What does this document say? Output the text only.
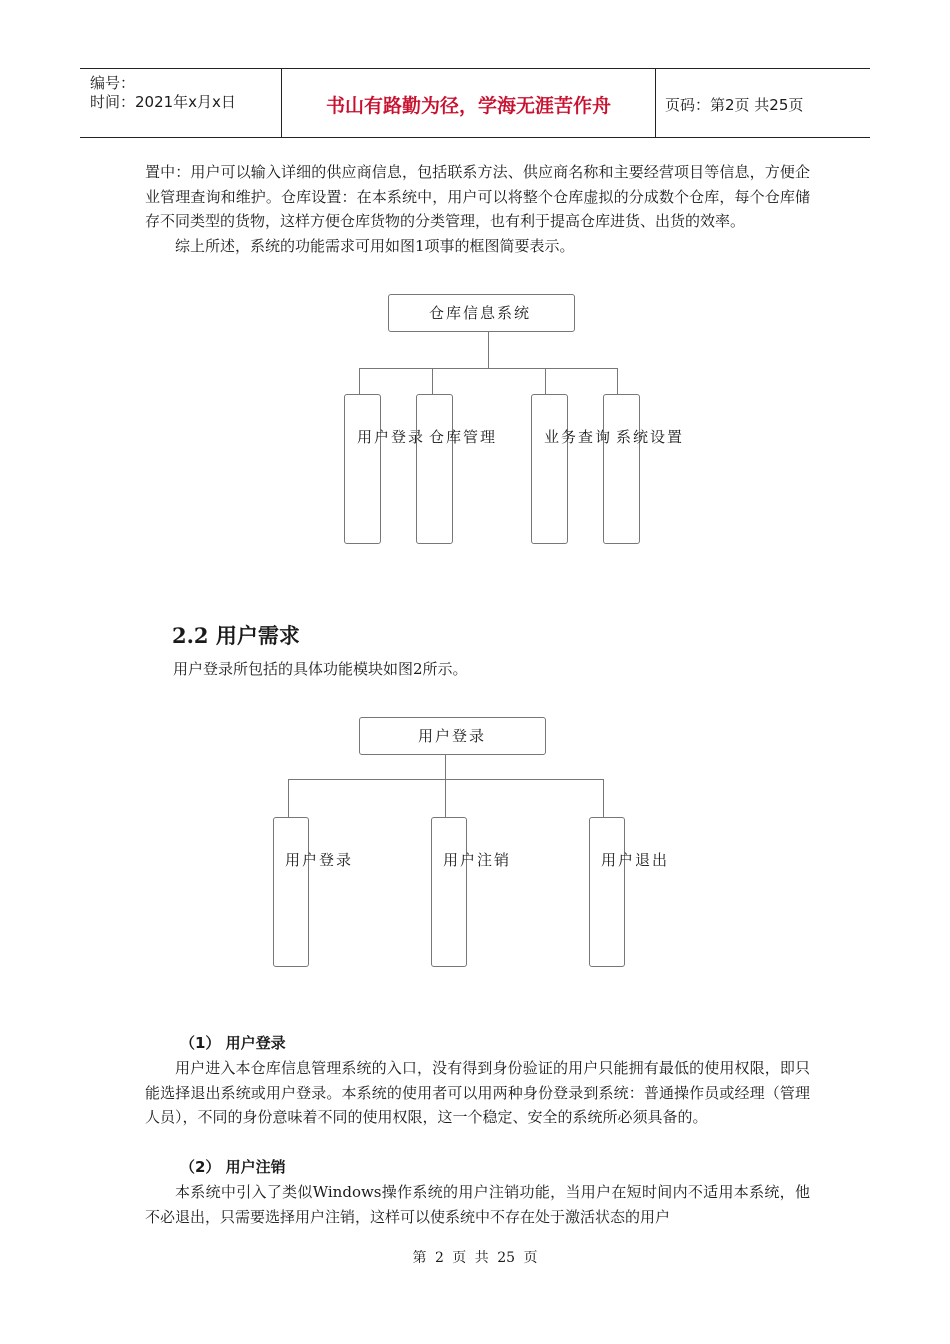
编号：
时间：2021年x月x日	书山有路勤为径，学海无涯苦作舟	页码：第2页 共25页

置中：用户可以输入详细的供应商信息，包括联系方法、供应商名称和主要经营项目等信息，方便企业管理查询和维护。仓库设置：在本系统中，用户可以将整个仓库虚拟的分成数个仓库，每个仓库储存不同类型的货物，这样方便仓库货物的分类管理，也有利于提高仓库进货、出货的效率。

综上所述，系统的功能需求可用如图1项事的框图简要表示。

仓库信息系统
用户登录 仓库管理	业务查询 系统设置
2.2 用户需求

用户登录所包括的具体功能模块如图2所示。

用户登录
用户登录	用户注销	用户退出
（1） 用户登录

用户进入本仓库信息管理系统的入口，没有得到身份验证的用户只能拥有最低的使用权限，即只能选择退出系统或用户登录。本系统的使用者可以用两种身份登录到系统：普通操作员或经理（管理人员），不同的身份意味着不同的使用权限，这一个稳定、安全的系统所必须具备的。

（2） 用户注销

本系统中引入了类似Windows操作系统的用户注销功能，当用户在短时间内不适用本系统，他不必退出，只需要选择用户注销，这样可以使系统中不存在处于激活状态的用户

第 2 页 共 25 页
